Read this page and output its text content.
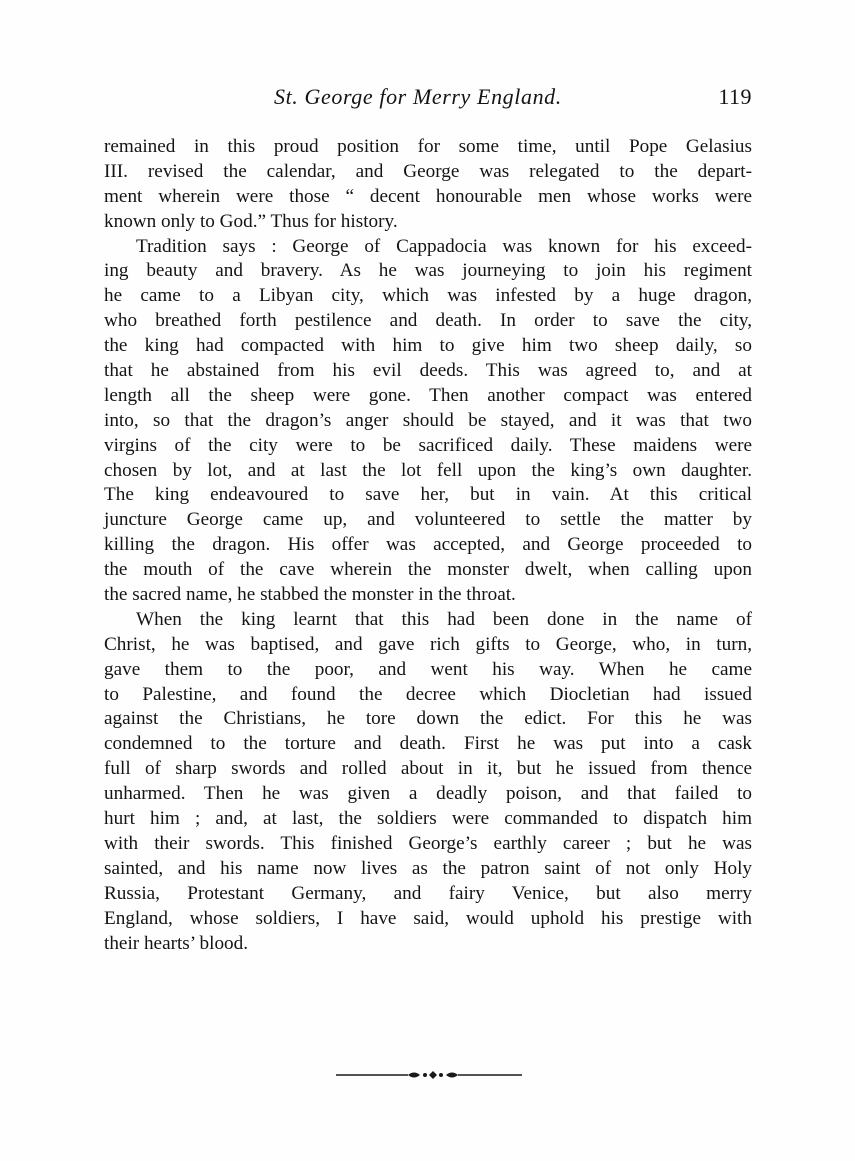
St. George for Merry England.	119
remained in this proud position for some time, until Pope Gelasius
III. revised the calendar, and George was relegated to the depart-
ment wherein were those “ decent honourable men whose works were
known only to God.” Thus for history.
Tradition says : George of Cappadocia was known for his exceed-
ing beauty and bravery. As he was journeying to join his regiment
he came to a Libyan city, which was infested by a huge dragon,
who breathed forth pestilence and death. In order to save the city,
the king had compacted with him to give him two sheep daily, so
that he abstained from his evil deeds. This was agreed to, and at
length all the sheep were gone. Then another compact was entered
into, so that the dragon’s anger should be stayed, and it was that two
virgins of the city were to be sacrificed daily. These maidens were
chosen by lot, and at last the lot fell upon the king’s own daughter.
The king endeavoured to save her, but in vain. At this critical
juncture George came up, and volunteered to settle the matter by
killing the dragon. His offer was accepted, and George proceeded to
the mouth of the cave wherein the monster dwelt, when calling upon
the sacred name, he stabbed the monster in the throat.
When the king learnt that this had been done in the name of
Christ, he was baptised, and gave rich gifts to George, who, in turn,
gave them to the poor, and went his way. When he came
to Palestine, and found the decree which Diocletian had issued
against the Christians, he tore down the edict. For this he was
condemned to the torture and death. First he was put into a cask
full of sharp swords and rolled about in it, but he issued from thence
unharmed. Then he was given a deadly poison, and that failed to
hurt him ; and, at last, the soldiers were commanded to dispatch him
with their swords. This finished George’s earthly career ; but he was
sainted, and his name now lives as the patron saint of not only Holy
Russia, Protestant Germany, and fairy Venice, but also merry
England, whose soldiers, I have said, would uphold his prestige with
their hearts’ blood.
